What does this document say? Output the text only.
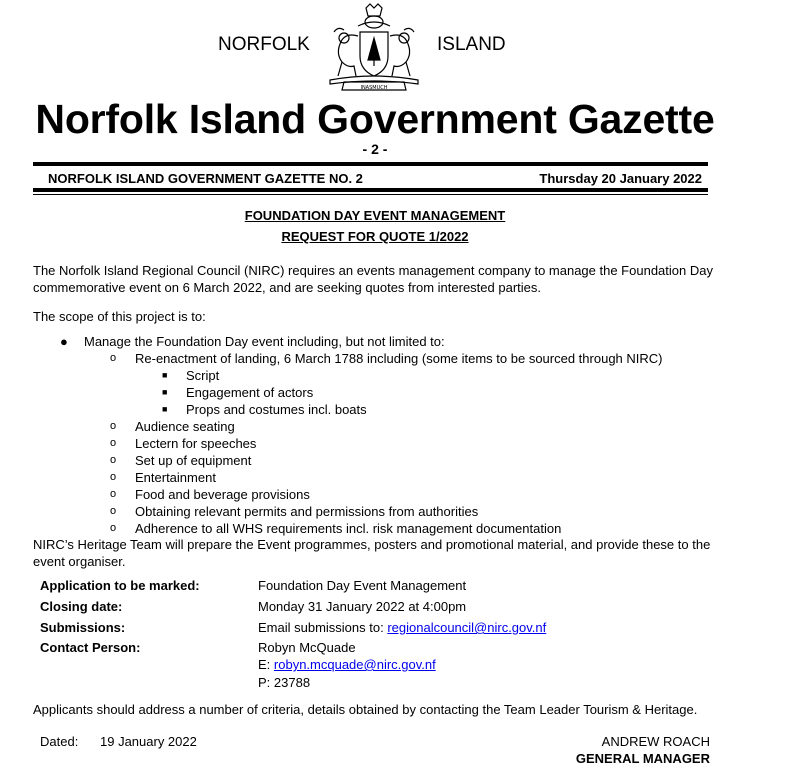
NORFOLK	ISLAND
INASMUCH
Norfolk Island Government Gazette
- 2 -
NORFOLK ISLAND GOVERNMENT GAZETTE NO. 2	Thursday 20 January 2022
FOUNDATION DAY EVENT MANAGEMENT
REQUEST FOR QUOTE 1/2022
The Norfolk Island Regional Council (NIRC) requires an events management company to manage the Foundation Day
commemorative event on 6 March 2022, and are seeking quotes from interested parties.
The scope of this project is to:
● Manage the Foundation Day event including, but not limited to:
o Re-enactment of landing, 6 March 1788 including (some items to be sourced through NIRC)
■ Script
■ Engagement of actors
■ Props and costumes incl. boats
o Audience seating
o Lectern for speeches
o Set up of equipment
o Entertainment
o Food and beverage provisions
o Obtaining relevant permits and permissions from authorities
o Adherence to all WHS requirements incl. risk management documentation
NIRC’s Heritage Team will prepare the Event programmes, posters and promotional material, and provide these to the
event organiser.
Application to be marked:	Foundation Day Event Management
Closing date:	Monday 31 January 2022 at 4:00pm
Submissions:	Email submissions to: regionalcouncil@nirc.gov.nf
Contact Person:	Robyn McQuade
E: robyn.mcquade@nirc.gov.nf
P: 23788
Applicants should address a number of criteria, details obtained by contacting the Team Leader Tourism & Heritage.
Dated: 19 January 2022	ANDREW ROACH
GENERAL MANAGER
